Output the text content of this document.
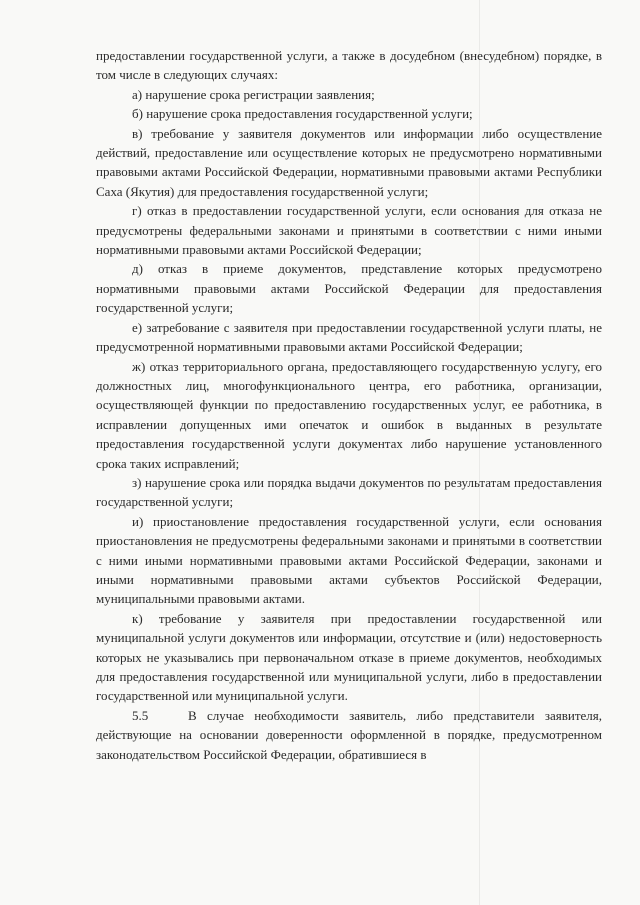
предоставлении государственной услуги, а также в досудебном (внесудебном) порядке, в том числе в следующих случаях:

а) нарушение срока регистрации заявления;

б) нарушение срока предоставления государственной услуги;

в) требование у заявителя документов или информации либо осуществление действий, предоставление или осуществление которых не предусмотрено нормативными правовыми актами Российской Федерации, нормативными правовыми актами Республики Саха (Якутия) для предоставления государственной услуги;

г) отказ в предоставлении государственной услуги, если основания для отказа не предусмотрены федеральными законами и принятыми в соответствии с ними иными нормативными правовыми актами Российской Федерации;

д) отказ в приеме документов, представление которых предусмотрено нормативными правовыми актами Российской Федерации для предоставления государственной услуги;

е) затребование с заявителя при предоставлении государственной услуги платы, не предусмотренной нормативными правовыми актами Российской Федерации;

ж) отказ территориального органа, предоставляющего государственную услугу, его должностных лиц, многофункционального центра, его работника, организации, осуществляющей функции по предоставлению государственных услуг, ее работника, в исправлении допущенных ими опечаток и ошибок в выданных в результате предоставления государственной услуги документах либо нарушение установленного срока таких исправлений;

з) нарушение срока или порядка выдачи документов по результатам предоставления государственной услуги;

и) приостановление предоставления государственной услуги, если основания приостановления не предусмотрены федеральными законами и принятыми в соответствии с ними иными нормативными правовыми актами Российской Федерации, законами и иными нормативными правовыми актами субъектов Российской Федерации, муниципальными правовыми актами.

к) требование у заявителя при предоставлении государственной или муниципальной услуги документов или информации, отсутствие и (или) недостоверность которых не указывались при первоначальном отказе в приеме документов, необходимых для предоставления государственной или муниципальной услуги, либо в предоставлении государственной или муниципальной услуги.

5.5	В случае необходимости заявитель, либо представители заявителя, действующие на основании доверенности оформленной в порядке, предусмотренном законодательством Российской Федерации, обратившиеся в
